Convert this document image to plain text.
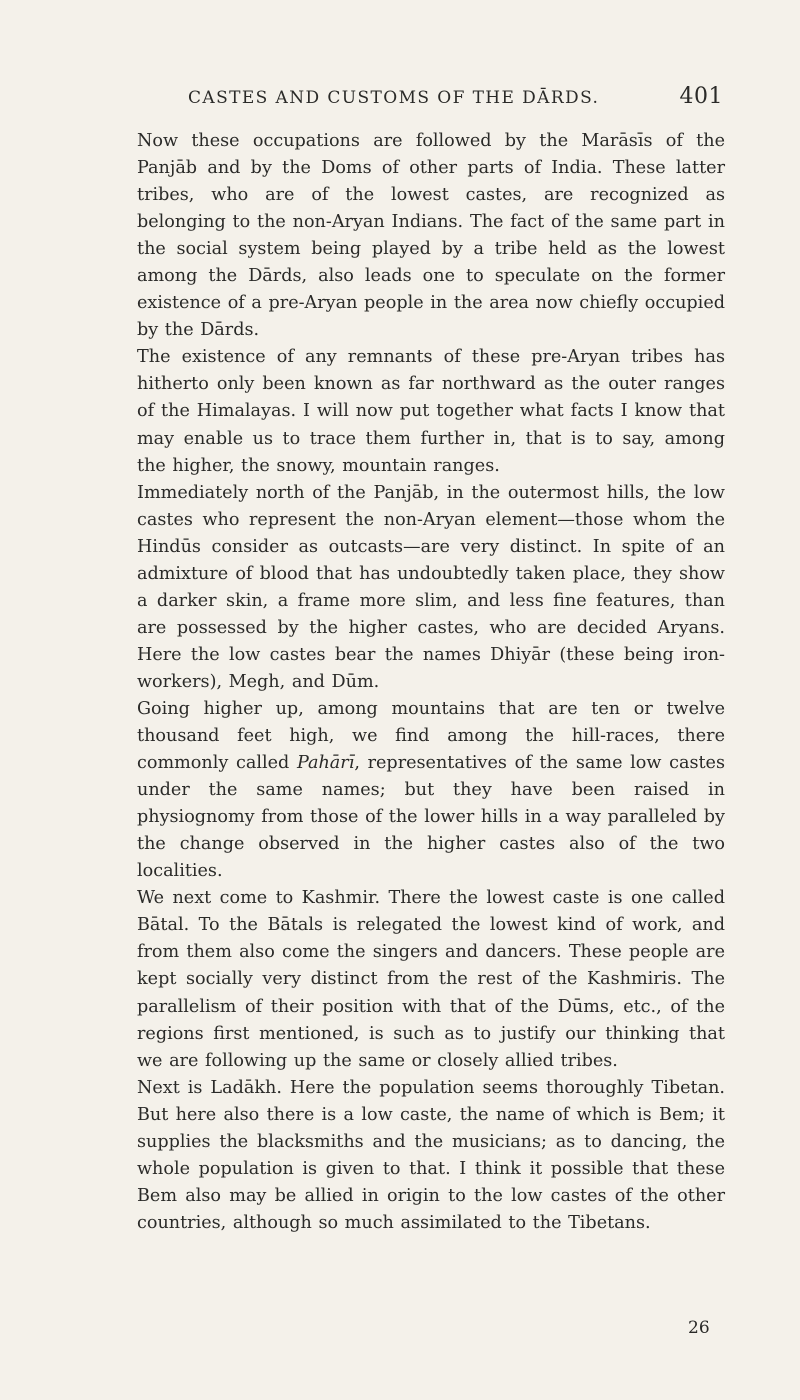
CASTES AND CUSTOMS OF THE DĀRDS.	401

Now these occupations are followed by the Marāsīs of the Panjāb and by the Doms of other parts of India. These latter tribes, who are of the lowest castes, are recognized as belonging to the non-Aryan Indians. The fact of the same part in the social system being played by a tribe held as the lowest among the Dārds, also leads one to speculate on the former existence of a pre-Aryan people in the area now chiefly occupied by the Dārds.

The existence of any remnants of these pre-Aryan tribes has hitherto only been known as far northward as the outer ranges of the Himalayas. I will now put together what facts I know that may enable us to trace them further in, that is to say, among the higher, the snowy, mountain ranges.

Immediately north of the Panjāb, in the outermost hills, the low castes who represent the non-Aryan element—those whom the Hindūs consider as outcasts—are very distinct. In spite of an admixture of blood that has undoubtedly taken place, they show a darker skin, a frame more slim, and less fine features, than are possessed by the higher castes, who are decided Aryans. Here the low castes bear the names Dhiyār (these being iron-workers), Megh, and Dūm.

Going higher up, among mountains that are ten or twelve thousand feet high, we find among the hill-races, there commonly called Pahārī, representatives of the same low castes under the same names; but they have been raised in physiognomy from those of the lower hills in a way paralleled by the change observed in the higher castes also of the two localities.

We next come to Kashmir. There the lowest caste is one called Bātal. To the Bātals is relegated the lowest kind of work, and from them also come the singers and dancers. These people are kept socially very distinct from the rest of the Kashmiris. The parallelism of their position with that of the Dūms, etc., of the regions first mentioned, is such as to justify our thinking that we are following up the same or closely allied tribes.

Next is Ladākh. Here the population seems thoroughly Tibetan. But here also there is a low caste, the name of which is Bem; it supplies the blacksmiths and the musicians; as to dancing, the whole population is given to that. I think it possible that these Bem also may be allied in origin to the low castes of the other countries, although so much assimilated to the Tibetans.

26
